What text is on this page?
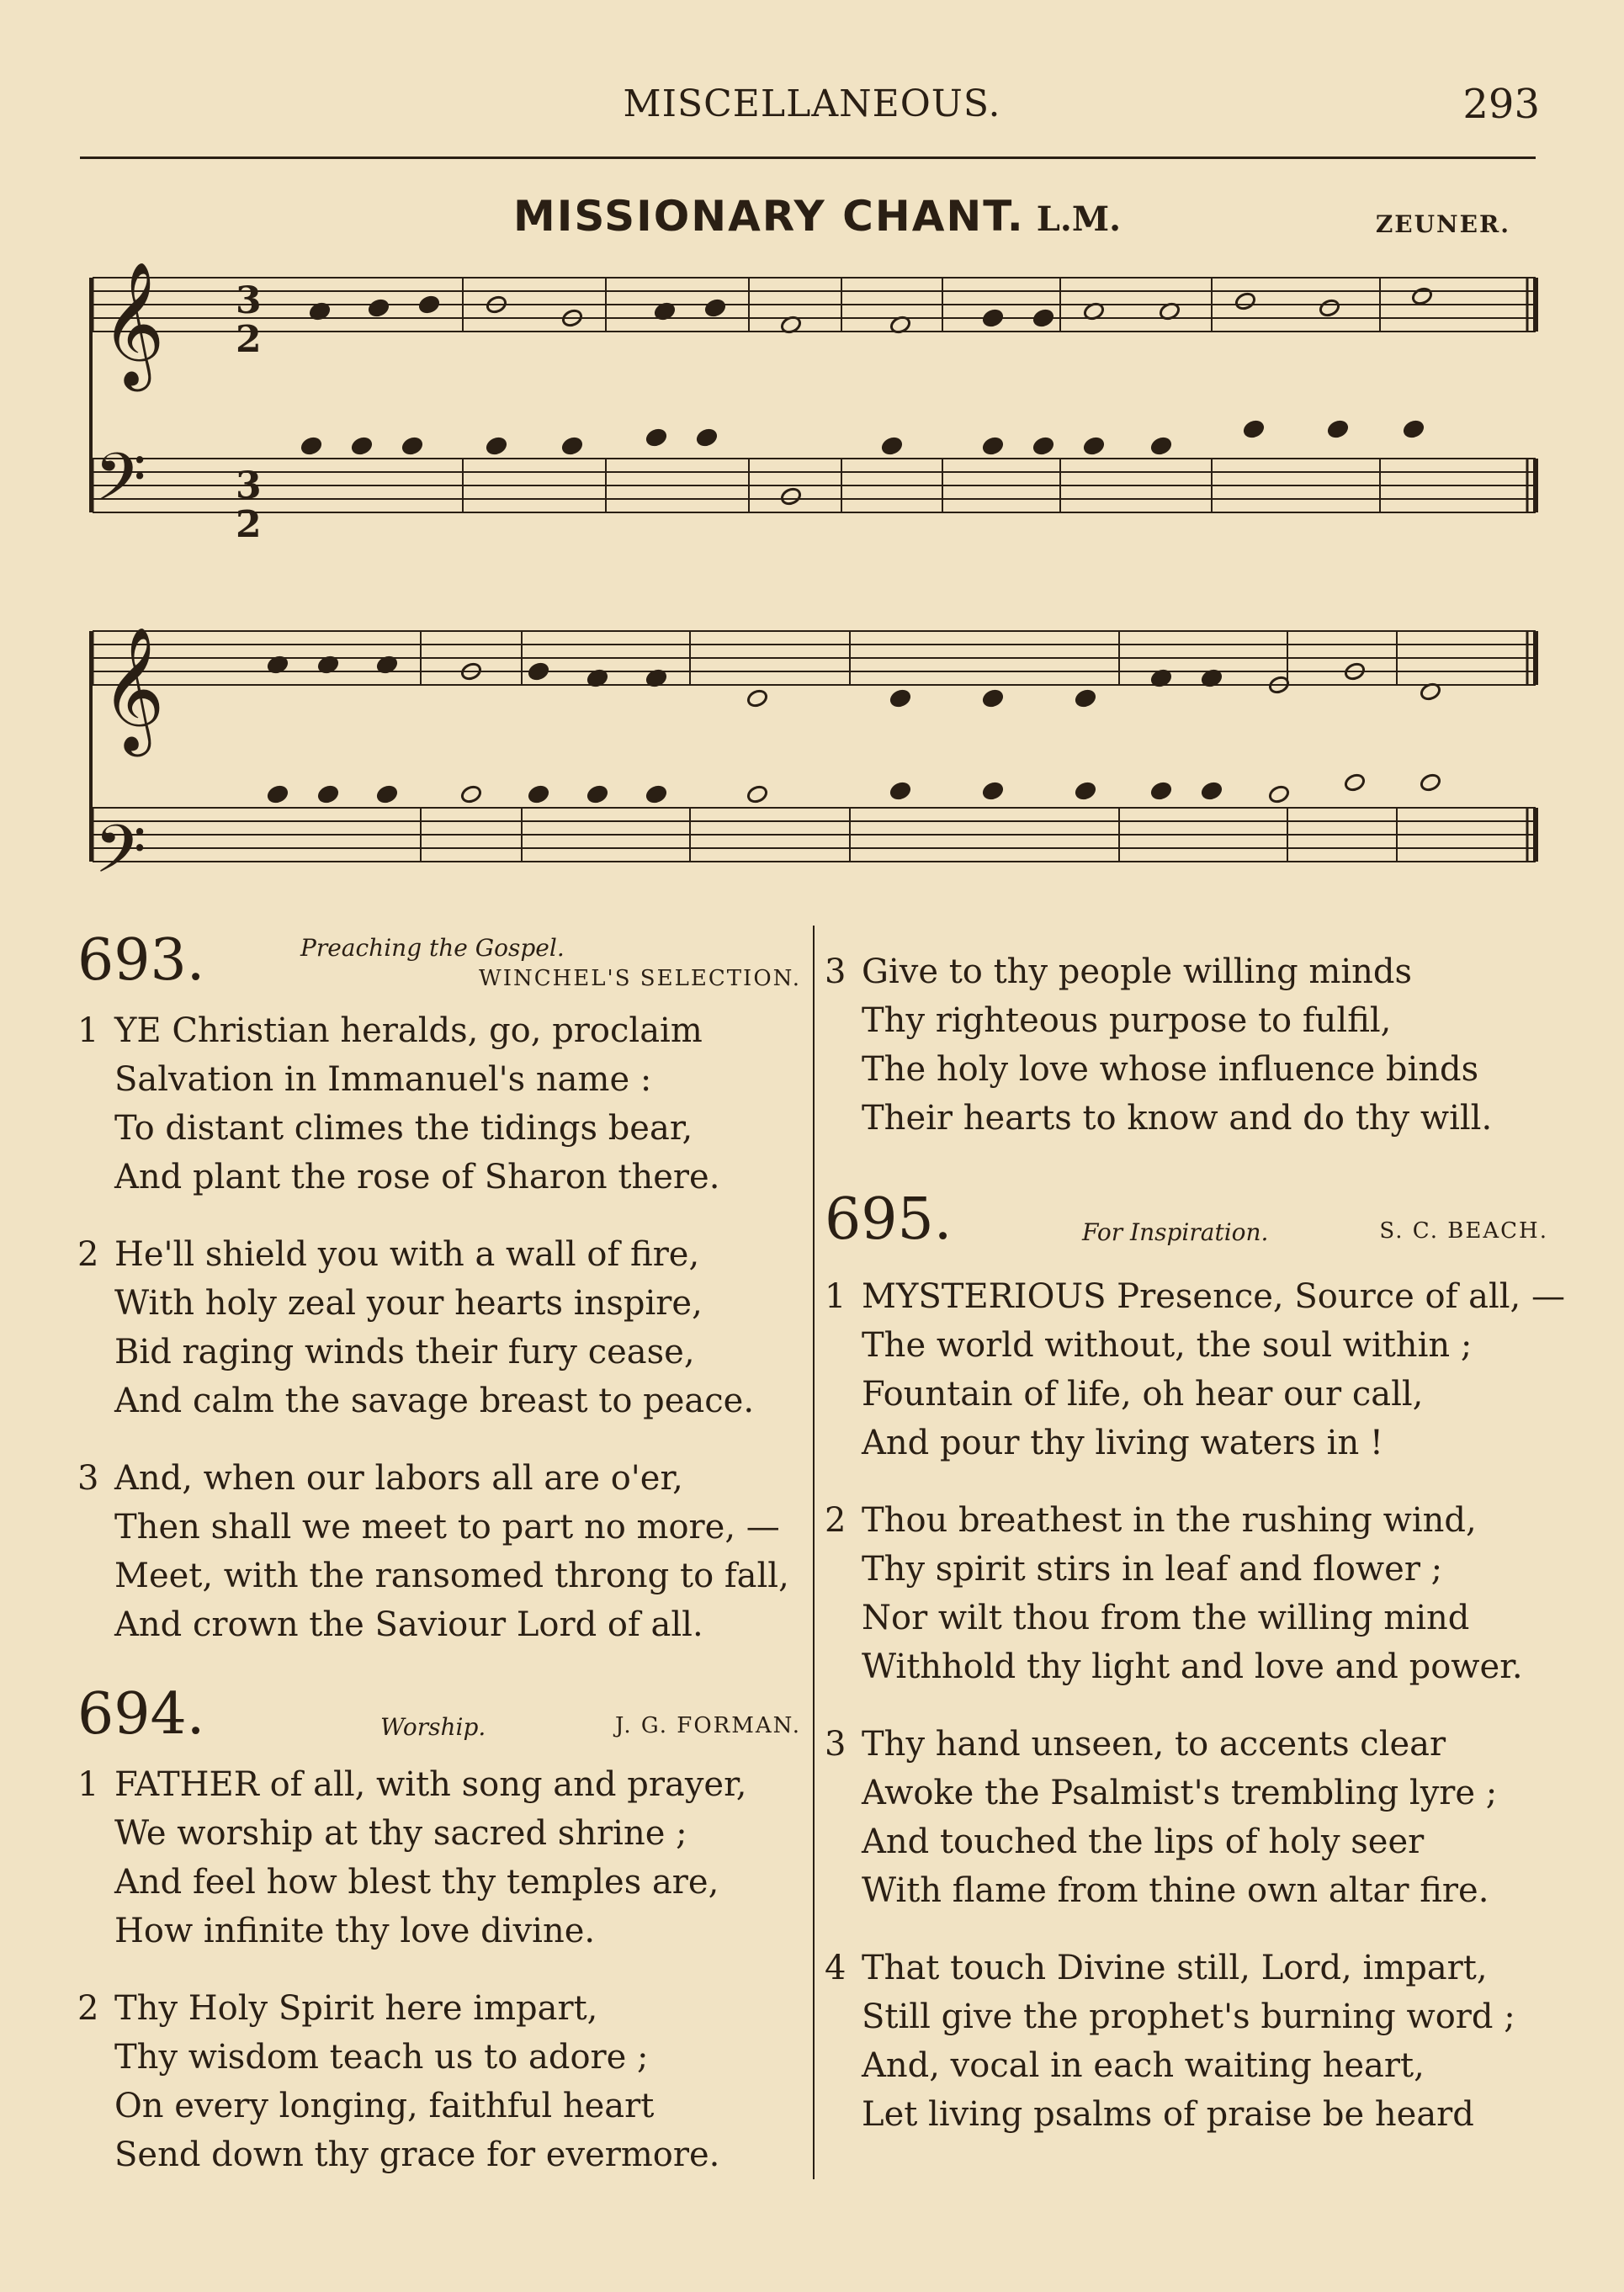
MISCELLANEOUS.	293
MISSIONARY CHANT. L.M.	ZEUNER.
𝄞
𝄢
𝄞
𝄢
3
2
3
2
693.	Preaching the Gospel.
WINCHEL'S SELECTION.
1 YE Christian heralds, go, proclaim
Salvation in Immanuel's name :
To distant climes the tidings bear,
And plant the rose of Sharon there.
2 He'll shield you with a wall of fire,
With holy zeal your hearts inspire,
Bid raging winds their fury cease,
And calm the savage breast to peace.
3 And, when our labors all are o'er,
Then shall we meet to part no more, —
Meet, with the ransomed throng to fall,
And crown the Saviour Lord of all.
694.	Worship.	J. G. FORMAN.
1 FATHER of all, with song and prayer,
We worship at thy sacred shrine ;
And feel how blest thy temples are,
How infinite thy love divine.
2 Thy Holy Spirit here impart,
Thy wisdom teach us to adore ;
On every longing, faithful heart
Send down thy grace for evermore.
3 Give to thy people willing minds
Thy righteous purpose to fulfil,
The holy love whose influence binds
Their hearts to know and do thy will.
695.	For Inspiration.	S. C. BEACH.
1 MYSTERIOUS Presence, Source of all, —
The world without, the soul within ;
Fountain of life, oh hear our call,
And pour thy living waters in !
2 Thou breathest in the rushing wind,
Thy spirit stirs in leaf and flower ;
Nor wilt thou from the willing mind
Withhold thy light and love and power.
3 Thy hand unseen, to accents clear
Awoke the Psalmist's trembling lyre ;
And touched the lips of holy seer
With flame from thine own altar fire.
4 That touch Divine still, Lord, impart,
Still give the prophet's burning word ;
And, vocal in each waiting heart,
Let living psalms of praise be heard
